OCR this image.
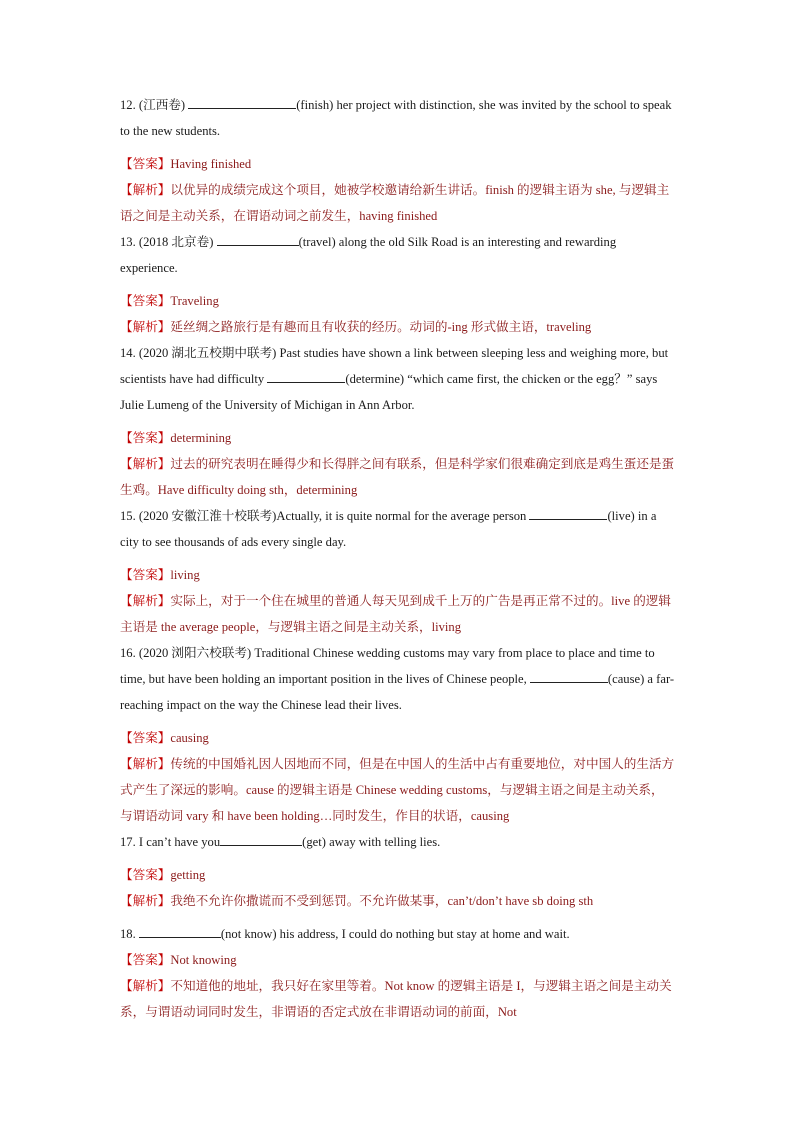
12. (江西卷)	(finish) her project with distinction, she was invited by the school to speak to the new students.

【答案】Having finished

【解析】以优异的成绩完成这个项目，她被学校邀请给新生讲话。finish 的逻辑主语为 she, 与逻辑主语之间是主动关系，在谓语动词之前发生，having finished

13. (2018 北京卷)	(travel) along the old Silk Road is an interesting and rewarding experience.

【答案】Traveling

【解析】延丝绸之路旅行是有趣而且有收获的经历。动词的-ing 形式做主语，traveling

14. (2020 湖北五校期中联考) Past studies have shown a link between sleeping less and weighing more, but scientists have had difficulty	(determine) “which came first, the chicken or the egg？” says Julie Lumeng of the University of Michigan in Ann Arbor.

【答案】determining

【解析】过去的研究表明在睡得少和长得胖之间有联系，但是科学家们很难确定到底是鸡生蛋还是蛋生鸡。Have difficulty doing sth，determining

15. (2020 安徽江淮十校联考)Actually, it is quite normal for the average person	(live) in a city to see thousands of ads every single day.

【答案】living

【解析】实际上，对于一个住在城里的普通人每天见到成千上万的广告是再正常不过的。live 的逻辑主语是 the average people，与逻辑主语之间是主动关系，living

16. (2020 浏阳六校联考) Traditional Chinese wedding customs may vary from place to place and time to time, but have been holding an important position in the lives of Chinese people,	(cause) a far-reaching impact on the way the Chinese lead their lives.

【答案】causing

【解析】传统的中国婚礼因人因地而不同，但是在中国人的生活中占有重要地位，对中国人的生活方式产生了深远的影响。cause 的逻辑主语是 Chinese wedding customs，与逻辑主语之间是主动关系，与谓语动词 vary 和 have been holding…同时发生，作目的状语，causing

17. I can’t have you	(get) away with telling lies.

【答案】getting

【解析】我绝不允许你撒谎而不受到惩罚。不允许做某事，can’t/don’t have sb doing sth

18.	(not know) his address, I could do nothing but stay at home and wait.

【答案】Not knowing

【解析】不知道他的地址，我只好在家里等着。Not know 的逻辑主语是 I，与逻辑主语之间是主动关系，与谓语动词同时发生，非谓语的否定式放在非谓语动词的前面，Not
